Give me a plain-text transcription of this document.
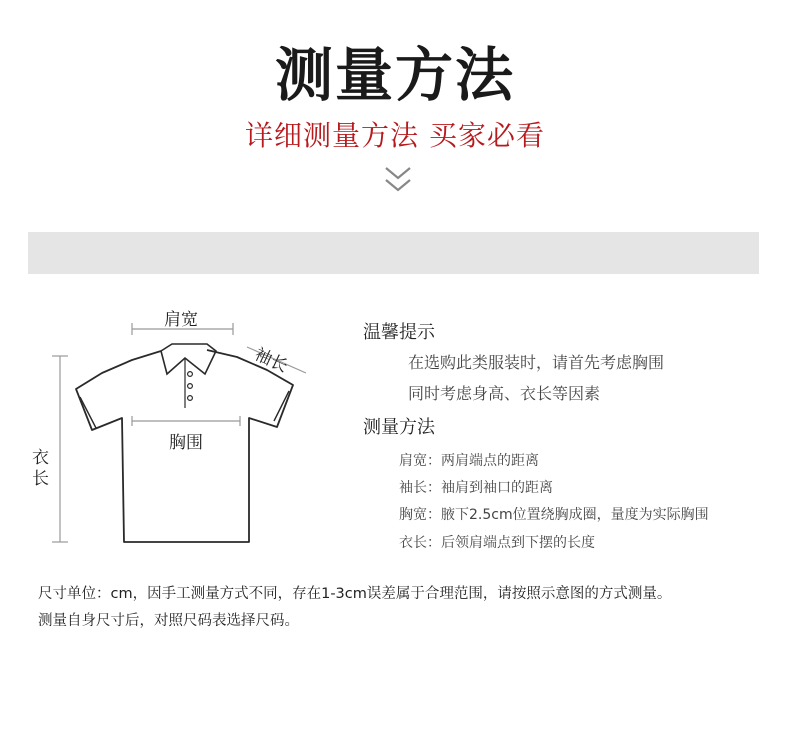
测量方法
详细测量方法 买家必看
肩宽
袖长
胸围
衣
长
温馨提示
在选购此类服装时，请首先考虑胸围
同时考虑身高、衣长等因素
测量方法
肩宽：两肩端点的距离
袖长：袖肩到袖口的距离
胸宽：腋下2.5cm位置绕胸成圈，量度为实际胸围
衣长：后领肩端点到下摆的长度
尺寸单位：cm，因手工测量方式不同，存在1-3cm误差属于合理范围，请按照示意图的方式测量。
测量自身尺寸后，对照尺码表选择尺码。
